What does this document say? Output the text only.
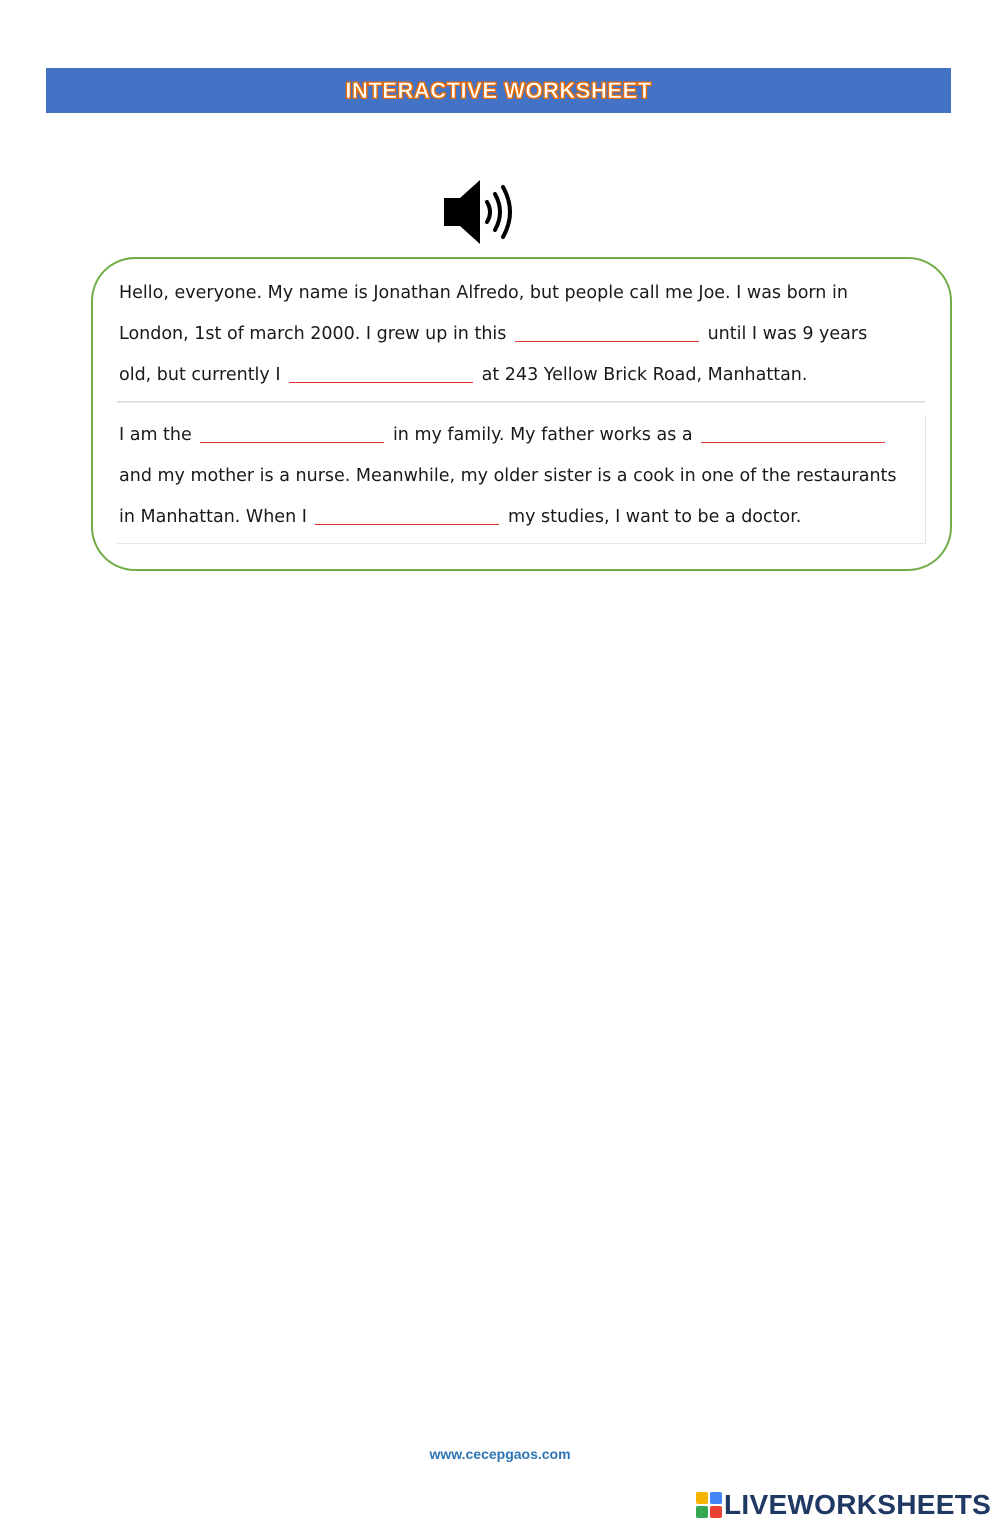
INTERACTIVE WORKSHEET
Hello, everyone. My name is Jonathan Alfredo, but people call me Joe. I was born in
London, 1st of march 2000. I grew up in this	until I was 9 years
old, but currently I	at 243 Yellow Brick Road, Manhattan.
I am the	in my family. My father works as a
and my mother is a nurse. Meanwhile, my older sister is a cook in one of the restaurants
in Manhattan. When I	my studies, I want to be a doctor.
www.cecepgaos.com
LIVEWORKSHEETS
